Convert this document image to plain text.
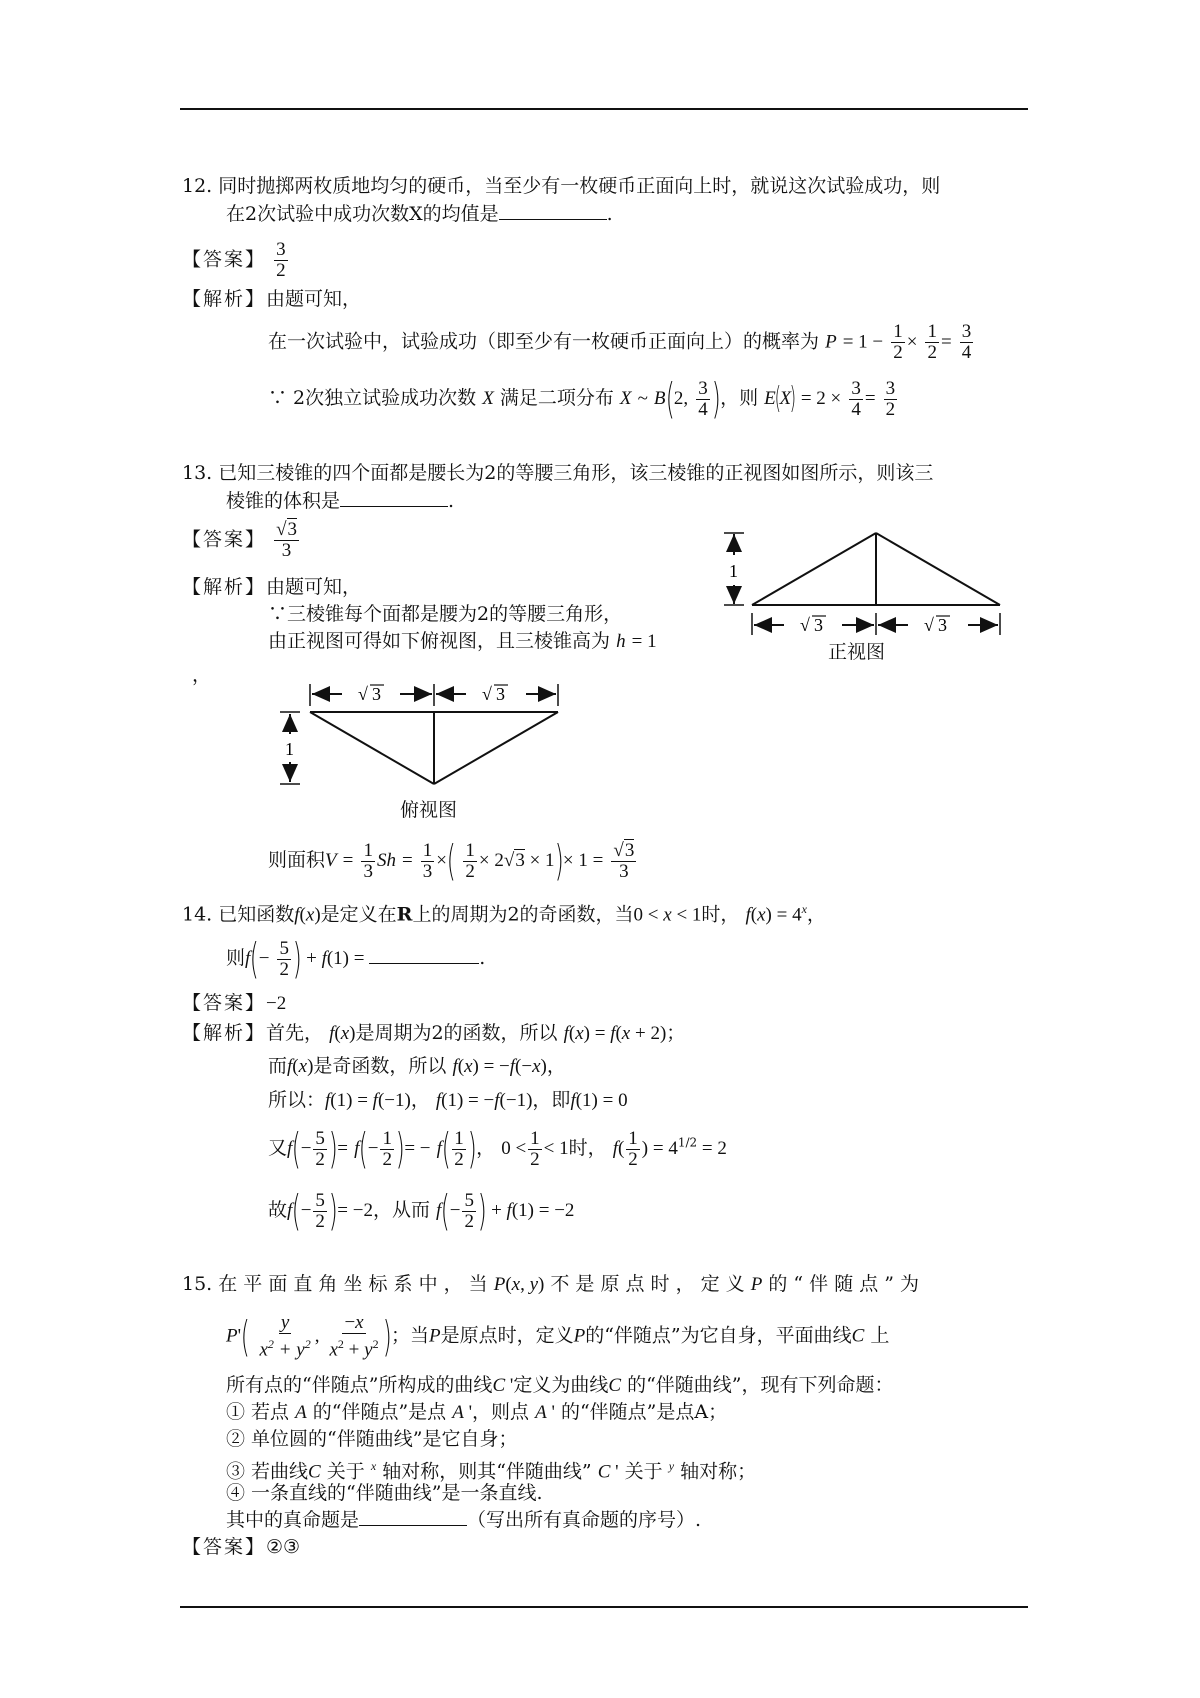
12. 同时抛掷两枚质地均匀的硬币，当至少有一枚硬币正面向上时，就说这次试验成功，则
在2次试验中成功次数X的均值是	.
【答案】 $\frac{3}{2}$
【解析】由题可知，
在一次试验中，试验成功（即至少有一枚硬币正面向上）的概率为 $P = 1 - \frac{1}{2} \times \frac{1}{2} = \frac{3}{4}$
∵ 2次独立试验成功次数 X 满足二项分布 X ~ B(2, $\frac{3}{4}$ )，则 $E(X) = 2 \times \frac{3}{4} = \frac{3}{2}$
13. 已知三棱锥的四个面都是腰长为2的等腰三角形，该三棱锥的正视图如图所示，则该三
棱锥的体积是	.
【答案】 $\frac{√3}{3}$
【解析】由题可知，
∵三棱锥每个面都是腰为2的等腰三角形，
由正视图可得如下俯视图，且三棱锥高为 h = 1
，
1
√ 3	√ 3
正视图
√ 3	√ 3
1
俯视图
则面积$V = \frac{1}{3}$ $Sh = \frac{1}{3}$ ×( $\frac{1}{2} \times 2√3 \times 1)\times 1 = \frac{√3}{3}$
14. 已知函数f(x)是定义在R上的周期为2的奇函数，当0 < x < 1时， $f(x) = 4^x$，
则$f(- \frac{5}{2}$ ) + f(1) =	.
【答案】−2
【解析】首先， f(x)是周期为2的函数，所以 f(x) = f(x + 2)；
而f(x)是奇函数，所以 f(x) = −f(−x)，
所以：f(1) = f(−1)， f(1) = −f(−1)，即f(1) = 0
又$f(- \frac{5}{2}$ )= $f(- \frac{1}{2}$ )= − $f( \frac{1}{2}$ )， $0 < \frac{1}{2} < 1$时， $f( \frac{1}{2}$ ) = $4^{1/2} = 2$
故$f(- \frac{5}{2}$ )= −2，从而 $f(- \frac{5}{2}$ ) + f(1) = −2
15. 在 平 面 直 角 坐 标 系 中 ， 当 P(x, y) 不 是 原 点 时 ， 定 义 P 的 “ 伴 随 点 ” 为
$P'( \frac{y}{x^2 + y^2}$ , $\frac{-x}{x^2 + y^2}$ )；当P是原点时，定义P的“伴随点”为它自身，平面曲线C 上
所有点的“伴随点”所构成的曲线C '定义为曲线C 的“伴随曲线”，现有下列命题：
① 若点 A 的“伴随点”是点 A '，则点 A ' 的“伴随点”是点A；
② 单位圆的“伴随曲线”是它自身；
③ 若曲线C 关于 $^x$ 轴对称，则其“伴随曲线” C ' 关于 $^y$ 轴对称；
④ 一条直线的“伴随曲线”是一条直线.
其中的真命题是	（写出所有真命题的序号）.
【答案】②③
